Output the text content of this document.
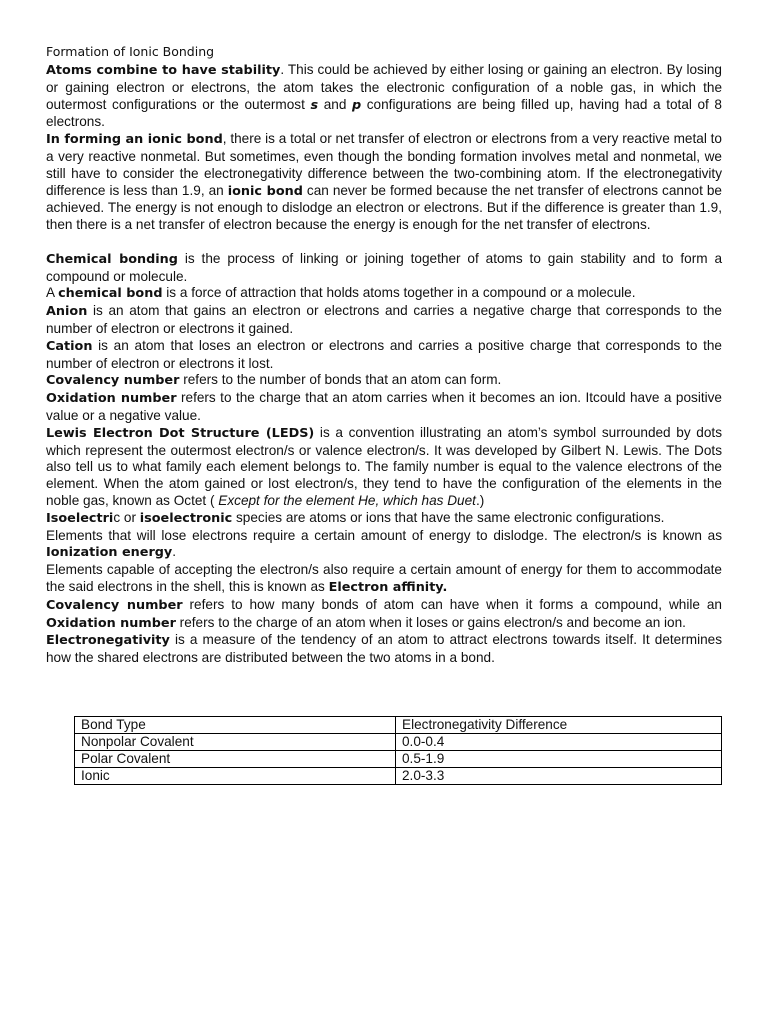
Formation of Ionic Bonding

Atoms combine to have stability. This could be achieved by either losing or gaining an electron. By losing or gaining electron or electrons, the atom takes the electronic configuration of a noble gas, in which the outermost configurations or the outermost s and p configurations are being filled up, having had a total of 8 electrons.

In forming an ionic bond, there is a total or net transfer of electron or electrons from a very reactive metal to a very reactive nonmetal. But sometimes, even though the bonding formation involves metal and nonmetal, we still have to consider the electronegativity difference between the two-combining atom. If the electronegativity difference is less than 1.9, an ionic bond can never be formed because the net transfer of electrons cannot be achieved. The energy is not enough to dislodge an electron or electrons. But if the difference is greater than 1.9, then there is a net transfer of electron because the energy is enough for the net transfer of electrons.

Chemical bonding is the process of linking or joining together of atoms to gain stability and to form a compound or molecule.

A chemical bond is a force of attraction that holds atoms together in a compound or a molecule.

Anion is an atom that gains an electron or electrons and carries a negative charge that corresponds to the number of electron or electrons it gained.

Cation is an atom that loses an electron or electrons and carries a positive charge that corresponds to the number of electron or electrons it lost.

Covalency number refers to the number of bonds that an atom can form.

Oxidation number refers to the charge that an atom carries when it becomes an ion. Itcould have a positive value or a negative value.

Lewis Electron Dot Structure (LEDS) is a convention illustrating an atom’s symbol surrounded by dots which represent the outermost electron/s or valence electron/s. It was developed by Gilbert N. Lewis. The Dots also tell us to what family each element belongs to. The family number is equal to the valence electrons of the element. When the atom gained or lost electron/s, they tend to have the configuration of the elements in the noble gas, known as Octet ( Except for the element He, which has Duet.)

Isoelectric or isoelectronic species are atoms or ions that have the same electronic configurations.

Elements that will lose electrons require a certain amount of energy to dislodge. The electron/s is known as Ionization energy.

Elements capable of accepting the electron/s also require a certain amount of energy for them to accommodate the said electrons in the shell, this is known as Electron affinity.

Covalency number refers to how many bonds of atom can have when it forms a compound, while an Oxidation number refers to the charge of an atom when it loses or gains electron/s and become an ion.

Electronegativity is a measure of the tendency of an atom to attract electrons towards itself. It determines how the shared electrons are distributed between the two atoms in a bond.

Bond Type	Electronegativity Difference
Nonpolar Covalent	0.0-0.4
Polar Covalent	0.5-1.9
Ionic	2.0-3.3
